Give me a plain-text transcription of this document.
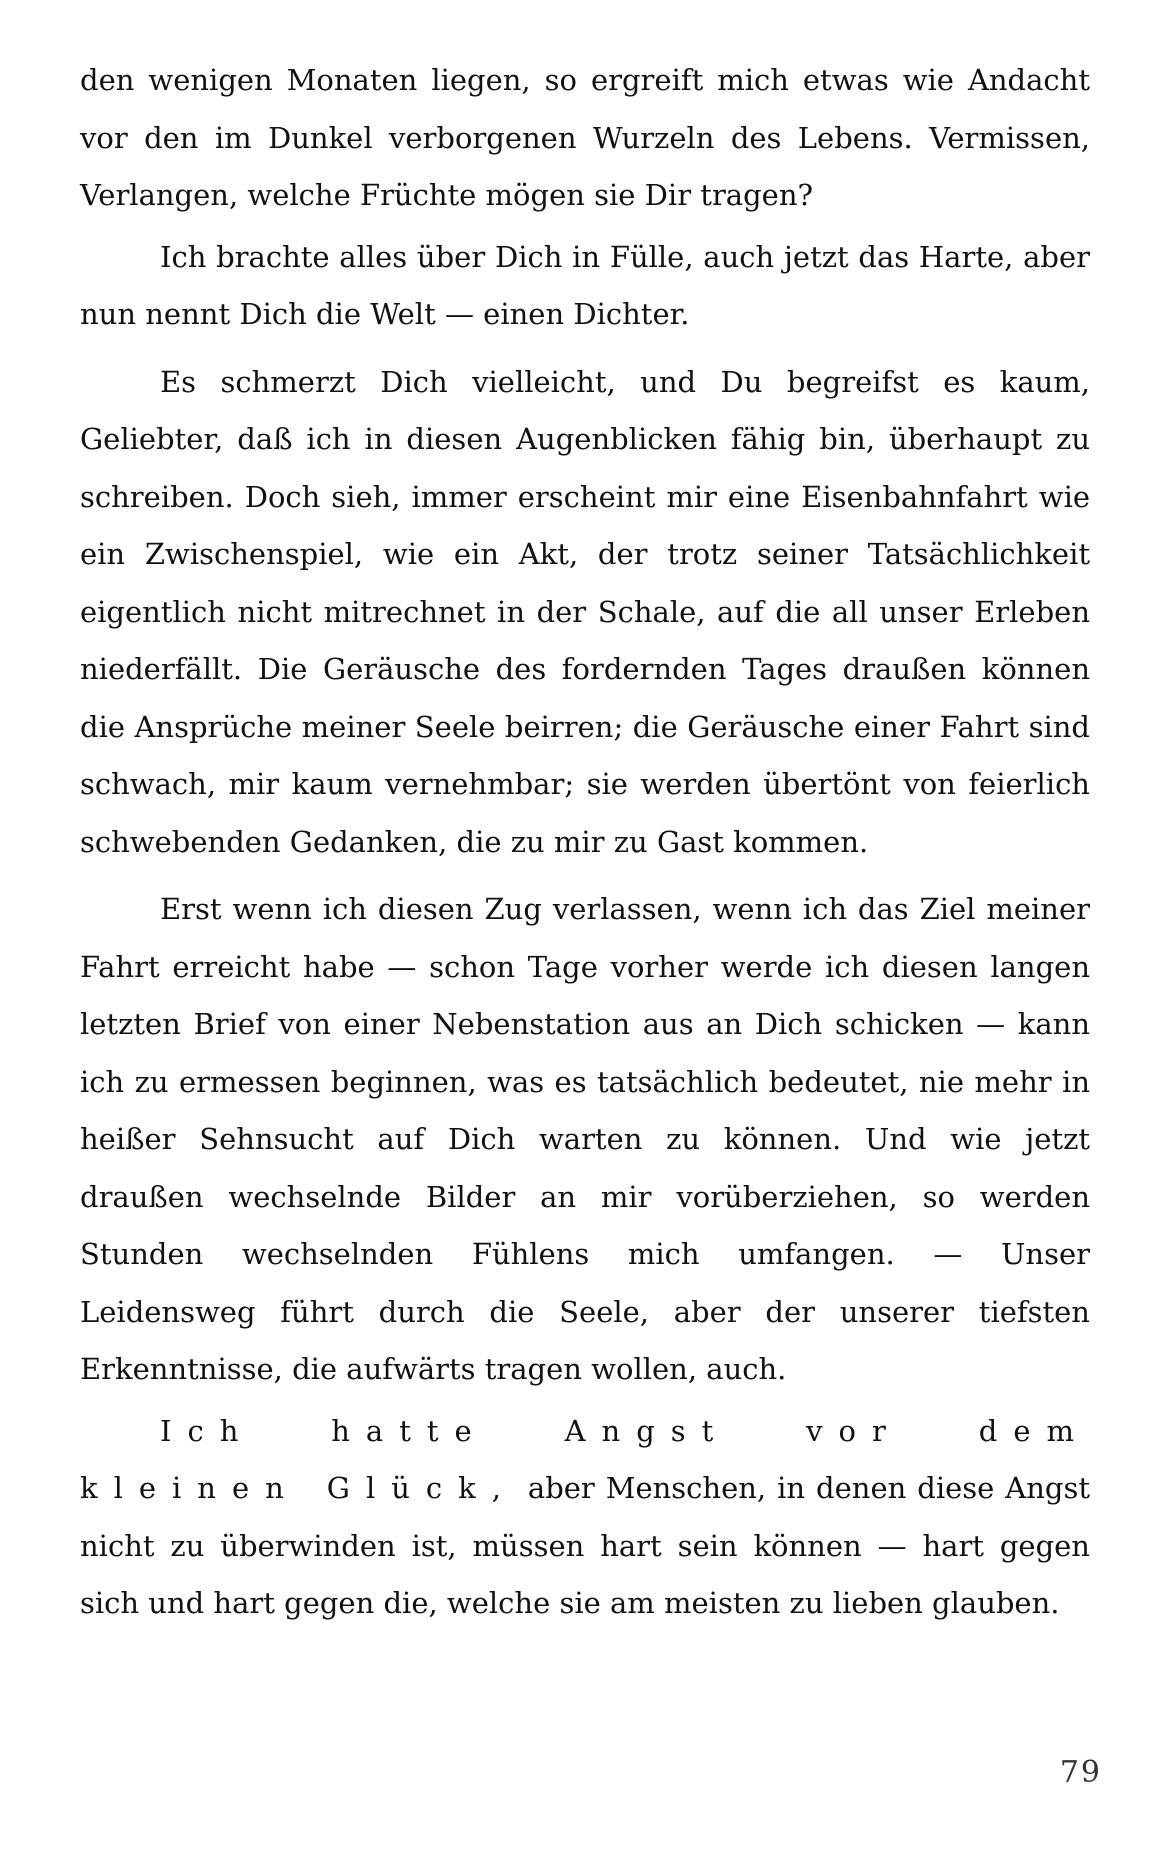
den wenigen Monaten liegen, so ergreift mich etwas wie Andacht vor den im Dunkel verborgenen Wurzeln des Lebens. Vermissen, Verlangen, welche Früchte mögen sie Dir tragen?

Ich brachte alles über Dich in Fülle, auch jetzt das Harte, aber nun nennt Dich die Welt — einen Dichter.

Es schmerzt Dich vielleicht, und Du begreifst es kaum, Geliebter, daß ich in diesen Augenblicken fähig bin, überhaupt zu schreiben. Doch sieh, immer erscheint mir eine Eisenbahnfahrt wie ein Zwischenspiel, wie ein Akt, der trotz seiner Tatsächlichkeit eigentlich nicht mitrechnet in der Schale, auf die all unser Erleben niederfällt. Die Geräusche des fordernden Tages draußen können die Ansprüche meiner Seele beirren; die Geräusche einer Fahrt sind schwach, mir kaum vernehmbar; sie werden übertönt von feierlich schwebenden Gedanken, die zu mir zu Gast kommen.

Erst wenn ich diesen Zug verlassen, wenn ich das Ziel meiner Fahrt erreicht habe — schon Tage vorher werde ich diesen langen letzten Brief von einer Nebenstation aus an Dich schicken — kann ich zu ermessen beginnen, was es tatsächlich bedeutet, nie mehr in heißer Sehnsucht auf Dich warten zu können. Und wie jetzt draußen wechselnde Bilder an mir vorüberziehen, so werden Stunden wechselnden Fühlens mich umfangen. — Unser Leidensweg führt durch die Seele, aber der unserer tiefsten Erkenntnisse, die aufwärts tragen wollen, auch.

Ich hatte Angst vor dem kleinen Glück, aber Menschen, in denen diese Angst nicht zu überwinden ist, müssen hart sein können — hart gegen sich und hart gegen die, welche sie am meisten zu lieben glauben.

79
